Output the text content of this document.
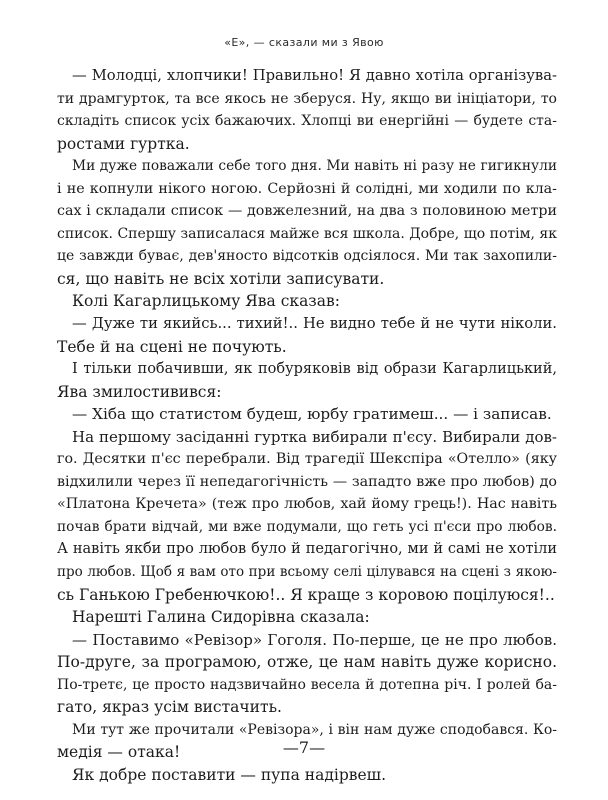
«Е», — сказали ми з Явою
— Молодці, хлопчики! Правильно! Я давно хотіла організува-
ти драмгурток, та все якось не зберуся. Ну, якщо ви ініціатори, то
складіть список усіх бажаючих. Хлопці ви енергійні — будете ста-
ростами гуртка.
Ми дуже поважали себе того дня. Ми навіть ні разу не гигикнули
і не копнули нікого ногою. Серйозні й солідні, ми ходили по кла-
сах і складали список — довжелезний, на два з половиною метри
список. Спершу записалася майже вся школа. Добре, що потім, як
це завжди буває, дев'яносто відсотків одсіялося. Ми так захопили-
ся, що навіть не всіх хотіли записувати.
Колі Кагарлицькому Ява сказав:
— Дуже ти якийсь... тихий!.. Не видно тебе й не чути ніколи.
Тебе й на сцені не почують.
І тільки побачивши, як побуряковів від образи Кагарлицький,
Ява змилостивився:
— Хіба що статистом будеш, юрбу гратимеш... — і записав.
На першому засіданні гуртка вибирали п'єсу. Вибирали дов-
го. Десятки п'єс перебрали. Від трагедії Шекспіра «Отелло» (яку
відхилили через її непедагогічність — западто вже про любов) до
«Платона Кречета» (теж про любов, хай йому грець!). Нас навіть
почав брати відчай, ми вже подумали, що геть усі п'єси про любов.
А навіть якби про любов було й педагогічно, ми й самі не хотіли
про любов. Щоб я вам ото при всьому селі цілувався на сцені з якою-
сь Ганькою Гребенючкою!.. Я краще з коровою поцілуюся!..
Нарешті Галина Сидорівна сказала:
— Поставимо «Ревізор» Гоголя. По-перше, це не про любов.
По-друге, за програмою, отже, це нам навіть дуже корисно.
По-третє, це просто надзвичайно весела й дотепна річ. І ролей ба-
гато, якраз усім вистачить.
Ми тут же прочитали «Ревізора», і він нам дуже сподобався. Ко-
медія — отака!
Як добре поставити — пупа надірвеш.
—7—
